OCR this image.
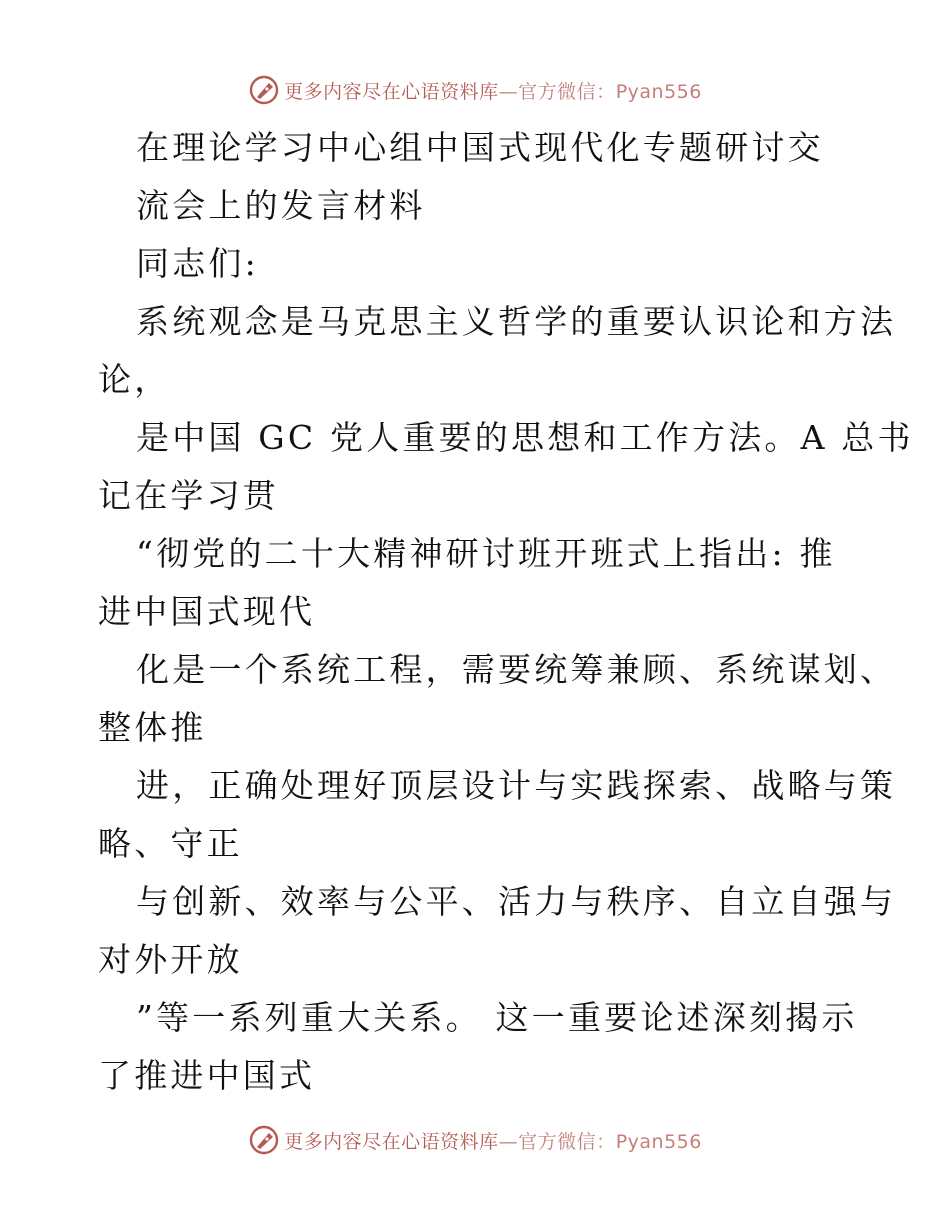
更多内容尽在心语资料库—官方微信：Pyan556
在理论学习中心组中国式现代化专题研讨交
流会上的发言材料
同志们:
系统观念是马克思主义哲学的重要认识论和方法
论，
是中国 GC 党人重要的思想和工作方法。A 总书
记在学习贯
“彻党的二十大精神研讨班开班式上指出: 推
进中国式现代
化是一个系统工程，需要统筹兼顾、系统谋划、
整体推
进，正确处理好顶层设计与实践探索、战略与策
略、守正
与创新、效率与公平、活力与秩序、自立自强与
对外开放
”等一系列重大关系。 这一重要论述深刻揭示
了推进中国式
更多内容尽在心语资料库—官方微信：Pyan556
